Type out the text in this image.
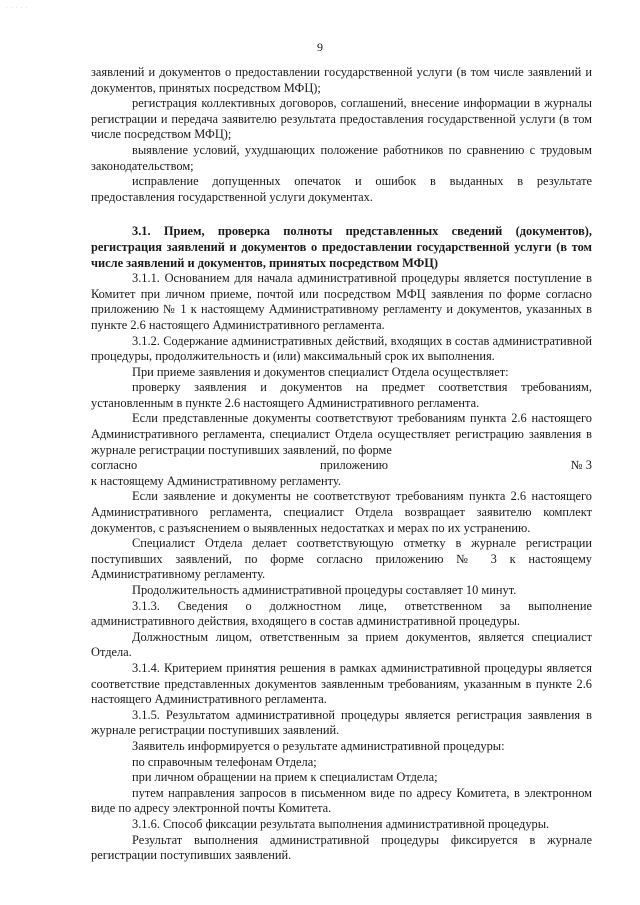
· · · · ·
9

заявлений и документов о предоставлении государственной услуги (в том числе заявлений и документов, принятых посредством МФЦ);

регистрация коллективных договоров, соглашений, внесение информации в журналы регистрации и передача заявителю результата предоставления государственной услуги (в том числе посредством МФЦ);

выявление условий, ухудшающих положение работников по сравнению с трудовым законодательством;

исправление допущенных опечаток и ошибок в выданных в результате предоставления государственной услуги документах.

3.1. Прием, проверка полноты представленных сведений (документов), регистрация заявлений и документов о предоставлении государственной услуги (в том числе заявлений и документов, принятых посредством МФЦ)

3.1.1. Основанием для начала административной процедуры является поступление в Комитет при личном приеме, почтой или посредством МФЦ заявления по форме согласно приложению № 1 к настоящему Административному регламенту и документов, указанных в пункте 2.6 настоящего Административного регламента.

3.1.2. Содержание административных действий, входящих в состав административной процедуры, продолжительность и (или) максимальный срок их выполнения.

При приеме заявления и документов специалист Отдела осуществляет:

проверку заявления и документов на предмет соответствия требованиям, установленным в пункте 2.6 настоящего Административного регламента.

Если представленные документы соответствуют требованиям пункта 2.6 настоящего Административного регламента, специалист Отдела осуществляет регистрацию заявления в журнале регистрации поступивших заявлений, по форме

согласно	приложению	№ 3

к настоящему Административному регламенту.

Если заявление и документы не соответствуют требованиям пункта 2.6 настоящего Административного регламента, специалист Отдела возвращает заявителю комплект документов, с разъяснением о выявленных недостатках и мерах по их устранению.

Специалист Отдела делает соответствующую отметку в журнале регистрации поступивших заявлений, по форме согласно приложению № 3 к настоящему Административному регламенту.

Продолжительность административной процедуры составляет 10 минут.

3.1.3. Сведения о должностном лице, ответственном за выполнение административного действия, входящего в состав административной процедуры.

Должностным лицом, ответственным за прием документов, является специалист Отдела.

3.1.4. Критерием принятия решения в рамках административной процедуры является соответствие представленных документов заявленным требованиям, указанным в пункте 2.6 настоящего Административного регламента.

3.1.5. Результатом административной процедуры является регистрация заявления в журнале регистрации поступивших заявлений.

Заявитель информируется о результате административной процедуры:

по справочным телефонам Отдела;

при личном обращении на прием к специалистам Отдела;

путем направления запросов в письменном виде по адресу Комитета, в электронном виде по адресу электронной почты Комитета.

3.1.6. Способ фиксации результата выполнения административной процедуры.

Результат выполнения административной процедуры фиксируется в журнале регистрации поступивших заявлений.
